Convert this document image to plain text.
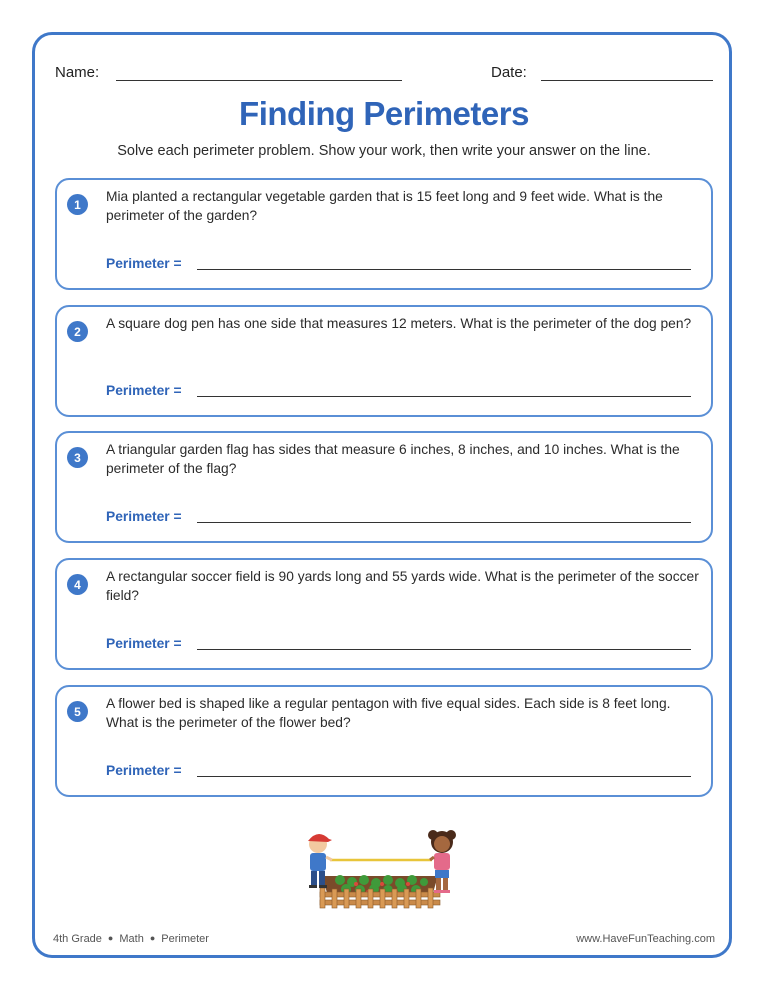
Name:	Date:
Finding Perimeters
Solve each perimeter problem. Show your work, then write your answer on the line.
1
Mia planted a rectangular vegetable garden that is 15 feet long and 9 feet wide. What is the perimeter of the garden?
Perimeter =
2
A square dog pen has one side that measures 12 meters. What is the perimeter of the dog pen?
Perimeter =
3
A triangular garden flag has sides that measure 6 inches, 8 inches, and 10 inches. What is the perimeter of the flag?
Perimeter =
4
A rectangular soccer field is 90 yards long and 55 yards wide. What is the perimeter of the soccer field?
Perimeter =
5
A flower bed is shaped like a regular pentagon with five equal sides. Each side is 8 feet long. What is the perimeter of the flower bed?
Perimeter =
4th Grade ● Math ● Perimeter	www.HaveFunTeaching.com
